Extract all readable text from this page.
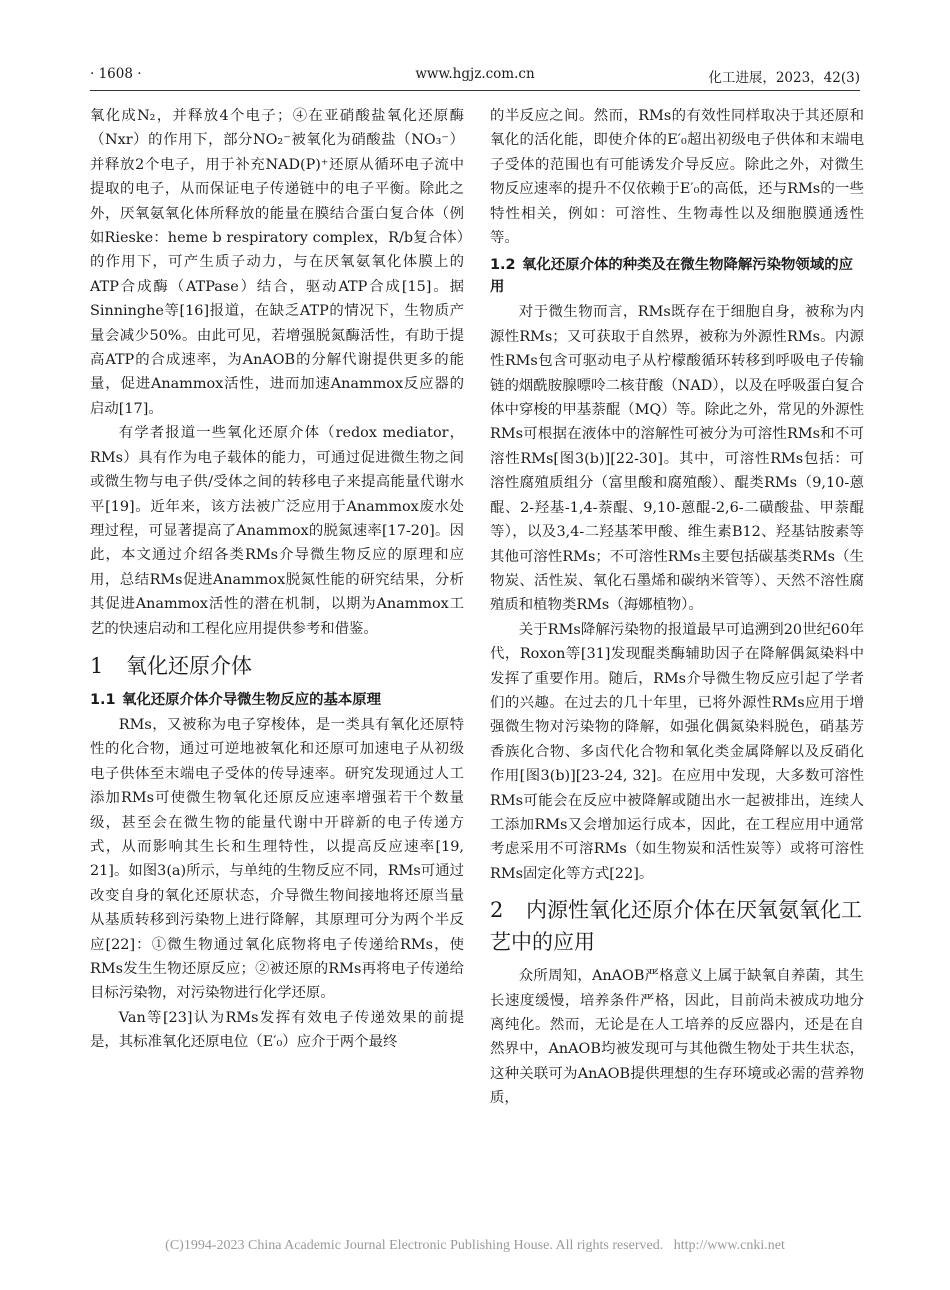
· 1608 ·	www.hgjz.com.cn	化工进展，2023，42(3)

氧化成N₂，并释放4个电子；④在亚硝酸盐氧化还原酶（Nxr）的作用下，部分NO₂⁻被氧化为硝酸盐（NO₃⁻）并释放2个电子，用于补充NAD(P)⁺还原从循环电子流中提取的电子，从而保证电子传递链中的电子平衡。除此之外，厌氧氨氧化体所释放的能量在膜结合蛋白复合体（例如Rieske：heme b respiratory complex，R/b复合体）的作用下，可产生质子动力，与在厌氧氨氧化体膜上的ATP合成酶（ATPase）结合，驱动ATP合成[15]。据Sinninghe等[16]报道，在缺乏ATP的情况下，生物质产量会减少50%。由此可见，若增强脱氮酶活性，有助于提高ATP的合成速率，为AnAOB的分解代谢提供更多的能量，促进Anammox活性，进而加速Anammox反应器的启动[17]。

有学者报道一些氧化还原介体（redox mediator，RMs）具有作为电子载体的能力，可通过促进微生物之间或微生物与电子供/受体之间的转移电子来提高能量代谢水平[19]。近年来，该方法被广泛应用于Anammox废水处理过程，可显著提高了Anammox的脱氮速率[17-20]。因此，本文通过介绍各类RMs介导微生物反应的原理和应用，总结RMs促进Anammox脱氮性能的研究结果，分析其促进Anammox活性的潜在机制，以期为Anammox工艺的快速启动和工程化应用提供参考和借鉴。

1 氧化还原介体
1.1 氧化还原介体介导微生物反应的基本原理

RMs，又被称为电子穿梭体，是一类具有氧化还原特性的化合物，通过可逆地被氧化和还原可加速电子从初级电子供体至末端电子受体的传导速率。研究发现通过人工添加RMs可使微生物氧化还原反应速率增强若干个数量级，甚至会在微生物的能量代谢中开辟新的电子传递方式，从而影响其生长和生理特性，以提高反应速率[19, 21]。如图3(a)所示，与单纯的生物反应不同，RMs可通过改变自身的氧化还原状态，介导微生物间接地将还原当量从基质转移到污染物上进行降解，其原理可分为两个半反应[22]：①微生物通过氧化底物将电子传递给RMs，使RMs发生生物还原反应；②被还原的RMs再将电子传递给目标污染物，对污染物进行化学还原。

Van等[23]认为RMs发挥有效电子传递效果的前提是，其标准氧化还原电位（E′₀）应介于两个最终

的半反应之间。然而，RMs的有效性同样取决于其还原和氧化的活化能，即使介体的E′₀超出初级电子供体和末端电子受体的范围也有可能诱发介导反应。除此之外，对微生物反应速率的提升不仅依赖于E′₀的高低，还与RMs的一些特性相关，例如：可溶性、生物毒性以及细胞膜通透性等。

1.2 氧化还原介体的种类及在微生物降解污染物领域的应用

对于微生物而言，RMs既存在于细胞自身，被称为内源性RMs；又可获取于自然界，被称为外源性RMs。内源性RMs包含可驱动电子从柠檬酸循环转移到呼吸电子传输链的烟酰胺腺嘌呤二核苷酸（NAD），以及在呼吸蛋白复合体中穿梭的甲基萘醌（MQ）等。除此之外，常见的外源性RMs可根据在液体中的溶解性可被分为可溶性RMs和不可溶性RMs[图3(b)][22-30]。其中，可溶性RMs包括：可溶性腐殖质组分（富里酸和腐殖酸）、醌类RMs（9,10-蒽醌、2-羟基-1,4-萘醌、9,10-蒽醌-2,6-二磺酸盐、甲萘醌等），以及3,4-二羟基苯甲酸、维生素B12、羟基钴胺素等其他可溶性RMs；不可溶性RMs主要包括碳基类RMs（生物炭、活性炭、氧化石墨烯和碳纳米管等）、天然不溶性腐殖质和植物类RMs（海娜植物）。

关于RMs降解污染物的报道最早可追溯到20世纪60年代，Roxon等[31]发现醌类酶辅助因子在降解偶氮染料中发挥了重要作用。随后，RMs介导微生物反应引起了学者们的兴趣。在过去的几十年里，已将外源性RMs应用于增强微生物对污染物的降解，如强化偶氮染料脱色，硝基芳香族化合物、多卤代化合物和氧化类金属降解以及反硝化作用[图3(b)][23-24, 32]。在应用中发现，大多数可溶性RMs可能会在反应中被降解或随出水一起被排出，连续人工添加RMs又会增加运行成本，因此，在工程应用中通常考虑采用不可溶RMs（如生物炭和活性炭等）或将可溶性RMs固定化等方式[22]。

2 内源性氧化还原介体在厌氧氨氧化工艺中的应用

众所周知，AnAOB严格意义上属于缺氧自养菌，其生长速度缓慢，培养条件严格，因此，目前尚未被成功地分离纯化。然而，无论是在人工培养的反应器内，还是在自然界中，AnAOB均被发现可与其他微生物处于共生状态，这种关联可为AnAOB提供理想的生存环境或必需的营养物质，

(C)1994-2023 China Academic Journal Electronic Publishing House. All rights reserved. http://www.cnki.net
